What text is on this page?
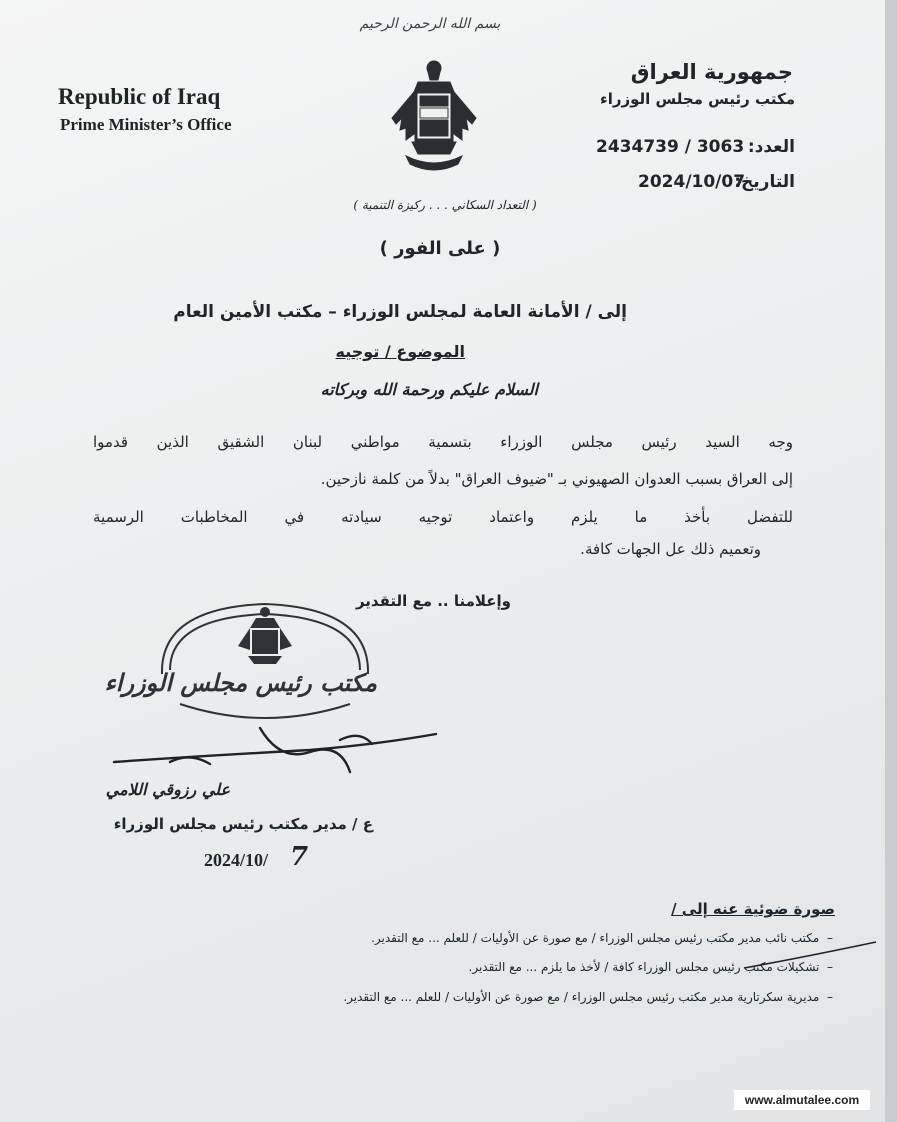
بسم الله الرحمن الرحيم
Republic of Iraq
Prime Minister’s Office
جمهورية العراق
مكتب رئيس مجلس الوزراء
العدد:
2434739 / 3063
التاريخ:
2024/10/07
( التعداد السكاني . . . ركيزة التنمية )
( على الفور )
إلى / الأمانة العامة لمجلس الوزراء – مكتب الأمين العام
الموضوع / توجيه
السلام عليكم ورحمة الله وبركاته
وجه السيد رئيس مجلس الوزراء بتسمية مواطني لبنان الشقيق الذين قدموا
إلى العراق بسبب العدوان الصهيوني بـ "ضيوف العراق" بدلاً من كلمة نازحين.
للتفضل بأخذ ما يلزم واعتماد توجيه سيادته في المخاطبات الرسمية
وتعميم ذلك عل الجهات كافة.
وإعلامنا .. مع التقدير
مكتب رئيس مجلس الوزراء
علي رزوقي اللامي
ع / مدير مكتب رئيس مجلس الوزراء
2024/10/ 7
صورة ضوئية عنه إلى /
–  مكتب نائب مدير مكتب رئيس مجلس الوزراء / مع صورة عن الأوليات / للعلم ... مع التقدير.
–  تشكيلات مكتب رئيس مجلس الوزراء كافة / لأخذ ما يلزم ... مع التقدير.
–  مديرية سكرتارية مدير مكتب رئيس مجلس الوزراء / مع صورة عن الأوليات / للعلم ... مع التقدير.
www.almutalee.com
